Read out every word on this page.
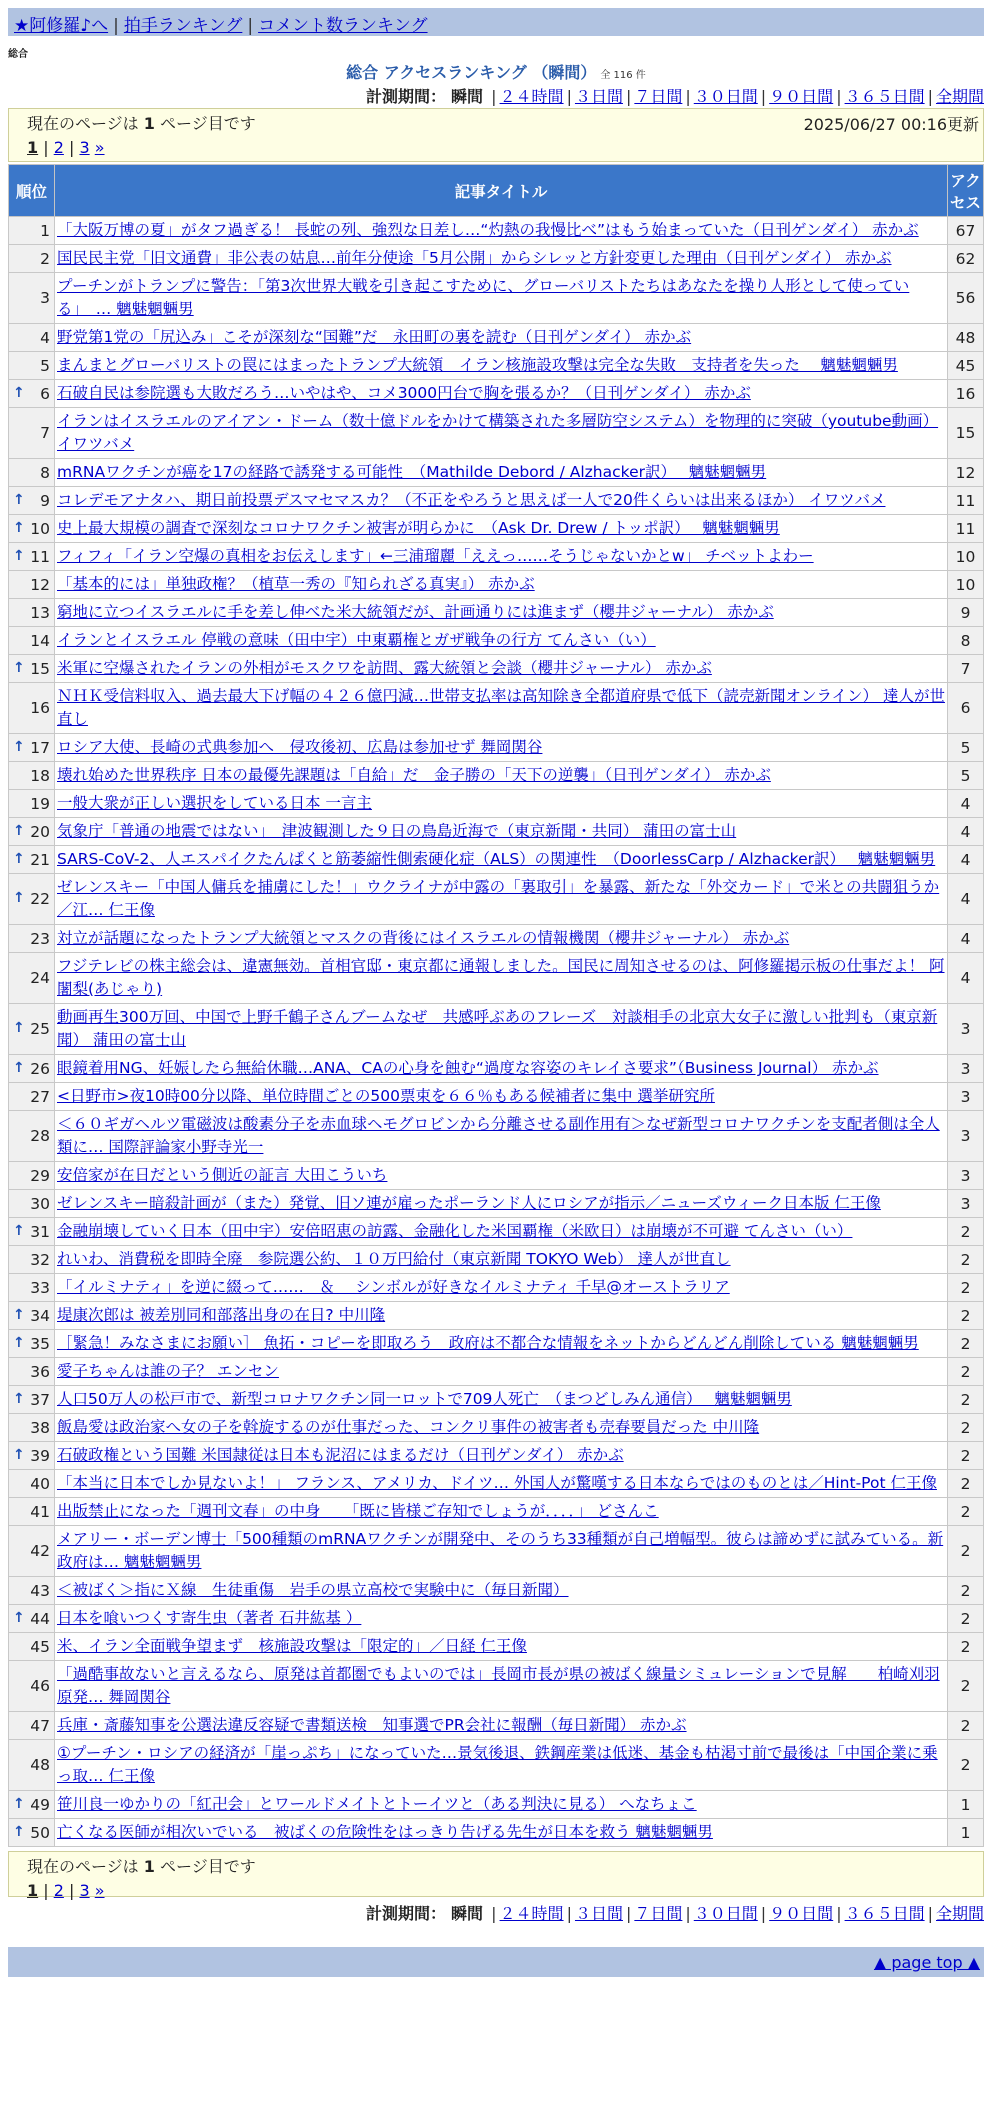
★阿修羅♪へ | 拍手ランキング | コメント数ランキング
総合
総合 アクセスランキング （瞬間） 全 116 件
計測期間： 瞬間 | ２４時間 | ３日間 | ７日間 | ３０日間 | ９０日間 | ３６５日間 | 全期間
現在のページは 1 ページ目です	2025/06/27 00:16更新
1 | 2 | 3 »
順位	記事タイトル	アクセス
1	「大阪万博の夏」がタフ過ぎる！ 長蛇の列、強烈な日差し…“灼熱の我慢比べ”はもう始まっていた（日刊ゲンダイ） 赤かぶ	67
2	国民民主党「旧文通費」非公表の姑息…前年分使途「5月公開」からシレッと方針変更した理由（日刊ゲンダイ） 赤かぶ	62
3	プーチンがトランプに警告：「第3次世界大戦を引き起こすために、グローバリストたちはあなたを操り人形として使っている」　… 魑魅魍魎男	56
4	野党第1党の「尻込み」こそが深刻な“国難”だ　永田町の裏を読む（日刊ゲンダイ） 赤かぶ	48
5	まんまとグローバリストの罠にはまったトランプ大統領　イラン核施設攻撃は完全な失敗　支持者を失った　 魑魅魍魎男	45

↑ 6	石破自民は参院選も大敗だろう…いやはや、コメ3000円台で胸を張るか？（日刊ゲンダイ） 赤かぶ	16
7	イランはイスラエルのアイアン・ドーム（数十億ドルをかけて構築された多層防空システム）を物理的に突破（youtube動画） イワツバメ	15
8	mRNAワクチンが癌を17の経路で誘発する可能性　（Mathilde Debord / Alzhacker訳）　 魑魅魍魎男	12

↑ 9	コレデモアナタハ、期日前投票デスマセマスカ？（不正をやろうと思えば一人で20件くらいは出来るほか） イワツバメ	11

↑ 10	史上最大規模の調査で深刻なコロナワクチン被害が明らかに　（Ask Dr. Drew / トッポ訳）　 魑魅魍魎男	11

↑ 11	フィフィ「イラン空爆の真相をお伝えします」←三浦瑠麗「ええっ……そうじゃないかとw」 チベットよわー	10
12	「基本的には」単独政権？（植草一秀の『知られざる真実』） 赤かぶ	10
13	窮地に立つイスラエルに手を差し伸べた米大統領だが、計画通りには進まず（櫻井ジャーナル） 赤かぶ	9
14	イランとイスラエル 停戦の意味（田中宇）中東覇権とガザ戦争の行方 てんさい（い）	8

↑ 15	米軍に空爆されたイランの外相がモスクワを訪問、露大統領と会談（櫻井ジャーナル） 赤かぶ	7
16	ＮＨＫ受信料収入、過去最大下げ幅の４２６億円減…世帯支払率は高知除き全都道府県で低下（読売新聞オンライン） 達人が世直し	6

↑ 17	ロシア大使、長崎の式典参加へ　侵攻後初、広島は参加せず 舞岡関谷	5
18	壊れ始めた世界秩序 日本の最優先課題は「自給」だ　金子勝の「天下の逆襲」（日刊ゲンダイ） 赤かぶ	5
19	一般大衆が正しい選択をしている日本 一言主	4

↑ 20	気象庁「普通の地震ではない」　津波観測した９日の鳥島近海で（東京新聞・共同） 蒲田の富士山	4

↑ 21	SARS-CoV-2、人エスパイクたんぱくと筋萎縮性側索硬化症（ALS）の関連性　（DoorlessCarp / Alzhacker訳）　 魑魅魍魎男	4

↑ 22	ゼレンスキー「中国人傭兵を捕虜にした！」ウクライナが中露の「裏取引」を暴露、新たな「外交カード」で米との共闘狙うか／江… 仁王像	4
23	対立が話題になったトランプ大統領とマスクの背後にはイスラエルの情報機関（櫻井ジャーナル） 赤かぶ	4
24	フジテレビの株主総会は、違憲無効。首相官邸・東京都に通報しました。国民に周知させるのは、阿修羅掲示板の仕事だよ！ 阿闍梨(あじゃり)	4

↑ 25	動画再生300万回、中国で上野千鶴子さんブームなぜ　共感呼ぶあのフレーズ　対談相手の北京大女子に激しい批判も（東京新聞） 蒲田の富士山	3

↑ 26	眼鏡着用NG、妊娠したら無給休職…ANA、CAの心身を蝕む“過度な容姿のキレイさ要求”（Business Journal） 赤かぶ	3
27	<日野市>夜10時00分以降、単位時間ごとの500票束を６６％もある候補者に集中 選挙研究所	3
28	＜６０ギガヘルツ電磁波は酸素分子を赤血球ヘモグロビンから分離させる副作用有＞なぜ新型コロナワクチンを支配者側は全人類に… 国際評論家小野寺光一	3
29	安倍家が在日だという側近の証言 大田こういち	3
30	ゼレンスキー暗殺計画が（また）発覚、旧ソ連が雇ったポーランド人にロシアが指示／ニューズウィーク日本版 仁王像	3

↑ 31	金融崩壊していく日本（田中宇）安倍昭恵の訪露、金融化した米国覇権（米欧日）は崩壊が不可避 てんさい（い）	2
32	れいわ、消費税を即時全廃　参院選公約、１０万円給付（東京新聞 TOKYO Web） 達人が世直し	2
33	「イルミナティ」を逆に綴って……　＆　 シンボルが好きなイルミナティ 千早@オーストラリア	2

↑ 34	堤康次郎は 被差別同和部落出身の在日? 中川隆	2

↑ 35	［緊急！みなさまにお願い］ 魚拓・コピーを即取ろう　政府は不都合な情報をネットからどんどん削除している 魑魅魍魎男	2
36	愛子ちゃんは誰の子？ エンセン	2

↑ 37	人口50万人の松戸市で、新型コロナワクチン同一ロットで709人死亡　（まつどしみん通信）　 魑魅魍魎男	2
38	飯島愛は政治家へ女の子を斡旋するのが仕事だった、コンクリ事件の被害者も売春要員だった 中川隆	2

↑ 39	石破政権という国難 米国隷従は日本も泥沼にはまるだけ（日刊ゲンダイ） 赤かぶ	2
40	「本当に日本でしか見ないよ！」 フランス、アメリカ、ドイツ… 外国人が驚嘆する日本ならではのものとは／Hint-Pot 仁王像	2
41	出版禁止になった「週刊文春」の中身　　「既に皆様ご存知でしょうが．．．．」 どさんこ	2
42	メアリー・ボーデン博士「500種類のmRNAワクチンが開発中、そのうち33種類が自己増幅型。彼らは諦めずに試みている。新政府は… 魑魅魍魎男	2
43	＜被ばく＞指にＸ線　生徒重傷　岩手の県立高校で実験中に（毎日新聞）	2

↑ 44	日本を喰いつくす寄生虫（著者 石井紘基 ）	2
45	米、イラン全面戦争望まず　核施設攻撃は「限定的」／日経 仁王像	2
46	「過酷事故ないと言えるなら、原発は首都圏でもよいのでは」長岡市長が県の被ばく線量シミュレーションで見解　　柏崎刈羽原発… 舞岡関谷	2
47	兵庫・斎藤知事を公選法違反容疑で書類送検　知事選でPR会社に報酬（毎日新聞） 赤かぶ	2
48	①プーチン・ロシアの経済が「崖っぷち」になっていた…景気後退、鉄鋼産業は低迷、基金も枯渇寸前で最後は「中国企業に乗っ取… 仁王像	2

↑ 49	笹川良一ゆかりの「紅卍会」とワールドメイトとトーイツと（ある判決に見る） へなちょこ	1

↑ 50	亡くなる医師が相次いでいる　被ばくの危険性をはっきり告げる先生が日本を救う 魑魅魍魎男	1
現在のページは 1 ページ目です
1 | 2 | 3 »
計測期間： 瞬間 | ２４時間 | ３日間 | ７日間 | ３０日間 | ９０日間 | ３６５日間 | 全期間
▲ page top ▲
